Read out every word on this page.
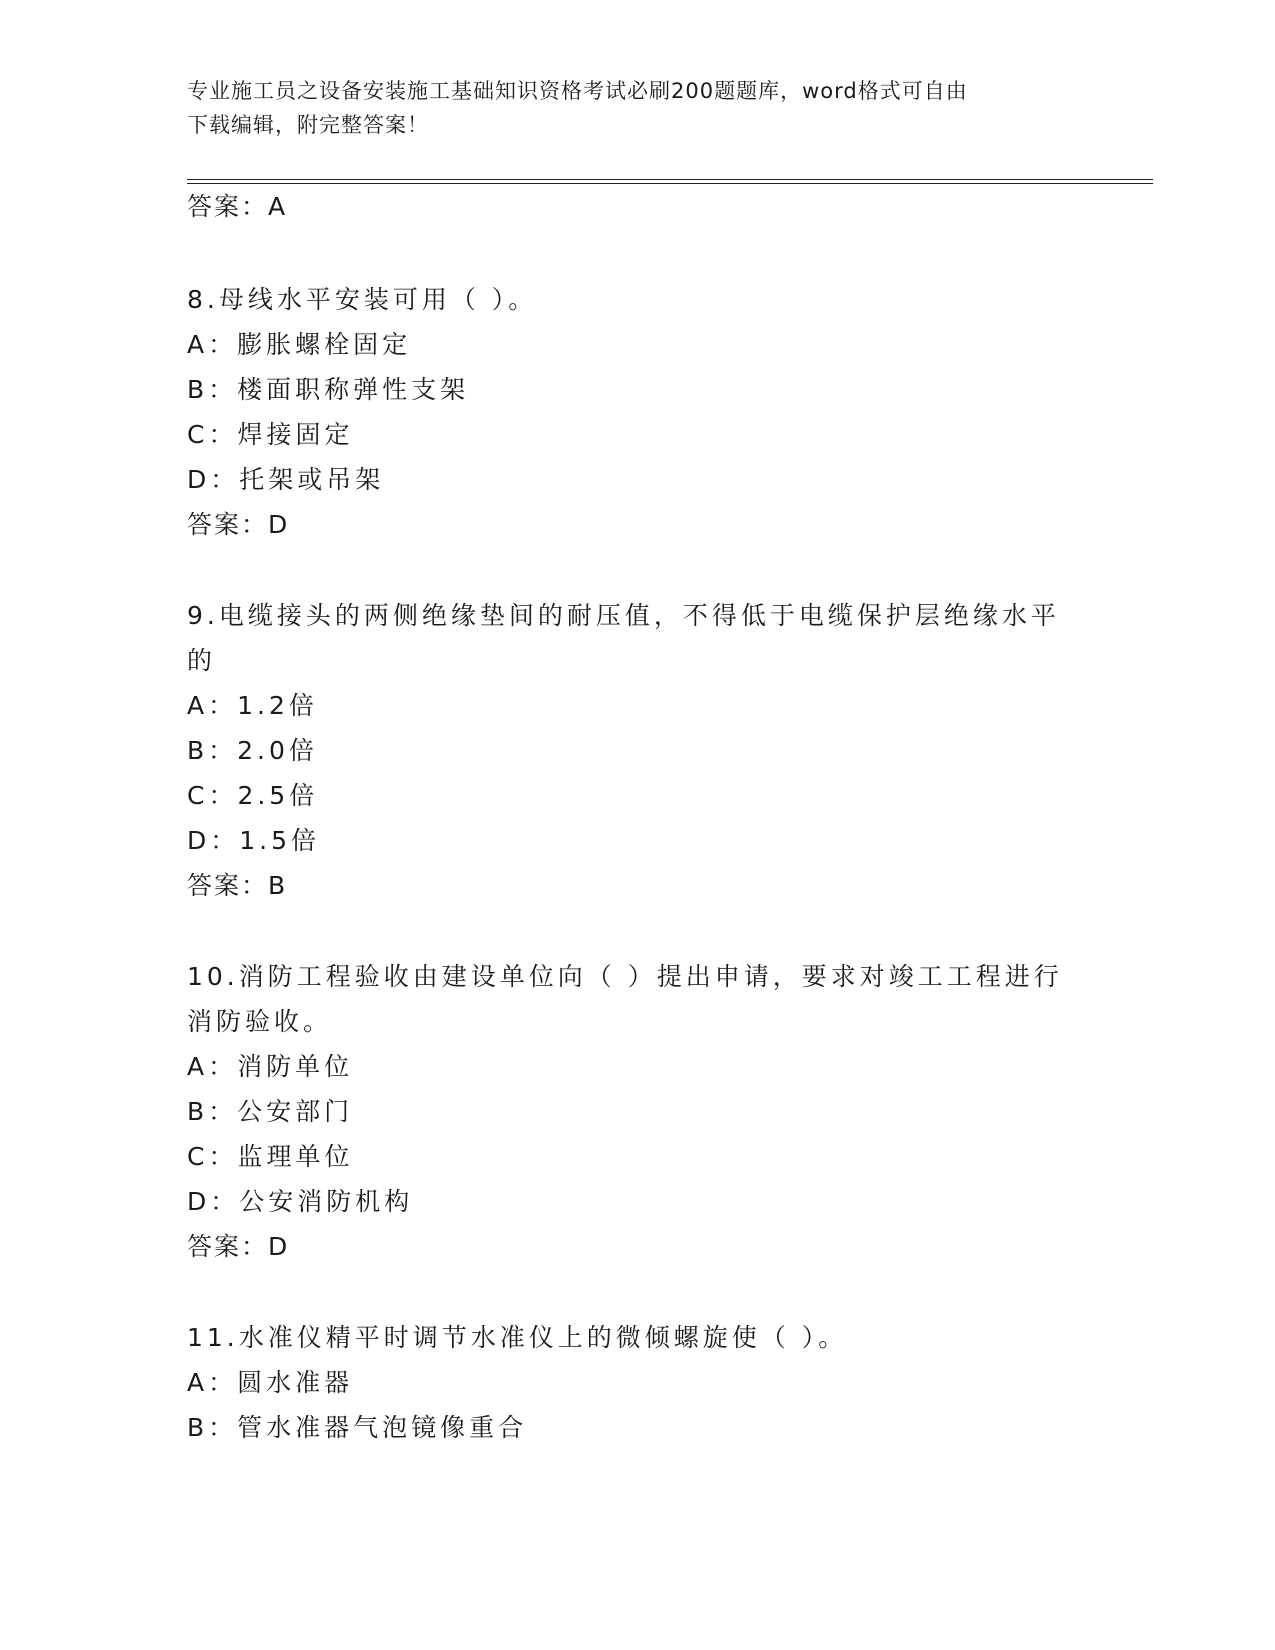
专业施工员之设备安装施工基础知识资格考试必刷200题题库，word格式可自由
下载编辑，附完整答案！
答案：A
8.母线水平安装可用（ ）。
A：膨胀螺栓固定
B：楼面职称弹性支架
C：焊接固定
D：托架或吊架
答案：D
9.电缆接头的两侧绝缘垫间的耐压值，不得低于电缆保护层绝缘水平
的
A：1.2倍
B：2.0倍
C：2.5倍
D：1.5倍
答案：B
10.消防工程验收由建设单位向（ ）提出申请，要求对竣工工程进行
消防验收。
A：消防单位
B：公安部门
C：监理单位
D：公安消防机构
答案：D
11.水准仪精平时调节水准仪上的微倾螺旋使（ ）。
A：圆水准器
B：管水准器气泡镜像重合
